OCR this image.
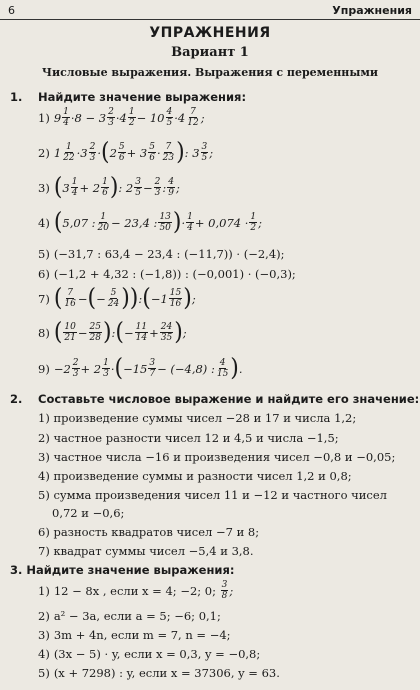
6	Упражнения
УПРАЖНЕНИЯ
Вариант 1
Числовые выражения. Выражения с переменными
1. Найдите значение выражения:
1) 9 1
4 ·8 − 3 2
3 ·4 1
2 − 10 4
5 ·4 7
12 ;
2) 1 1
22 ·3 2
3 · ( 2 5
6 + 3 5
6 · 7
23 ) : 3 3
5 ;
3) ( 3 1
4 + 2 1
6 ) : 2 3
5 − 2
3 : 4
9 ;
4) ( 5,07 : 1
20 − 23,4 : 13
50 ) · 1
4 + 0,074 · 1
2 ;
5) (−31,7 : 63,4 − 23,4 : (−11,7)) · (−2,4);
6) (−1,2 + 4,32 : (−1,8)) : (−0,001) · (−0,3);
7) ( 7
16 − ( − 5
24 ) ) : ( −1 15
16 ) ;
8) ( 10
21 − 25
28 ) : ( − 11
14 + 24
35 ) ;
9) −2 2
3 + 2 1
3 · ( −15 3
7 − (−4,8) : 4
15 ) .
2. Составьте числовое выражение и найдите его значение:
1) произведение суммы чисел −28 и 17 и числа 1,2;
2) частное разности чисел 12 и 4,5 и числа −1,5;
3) частное числа −16 и произведения чисел −0,8 и −0,05;
4) произведение суммы и разности чисел 1,2 и 0,8;
5) сумма произведения чисел 11 и −12 и частного чисел
0,72 и −0,6;
6) разность квадратов чисел −7 и 8;
7) квадрат суммы чисел −5,4 и 3,8.
3. Найдите значение выражения:
1) 12 − 8x , если x = 4; −2; 0;
3
8 ;
2) a² − 3a, если a = 5; −6; 0,1;
3) 3m + 4n, если m = 7, n = −4;
4) (3x − 5) · y, если x = 0,3, y = −0,8;
5) (x + 7298) : y, если x = 37306, y = 63.
